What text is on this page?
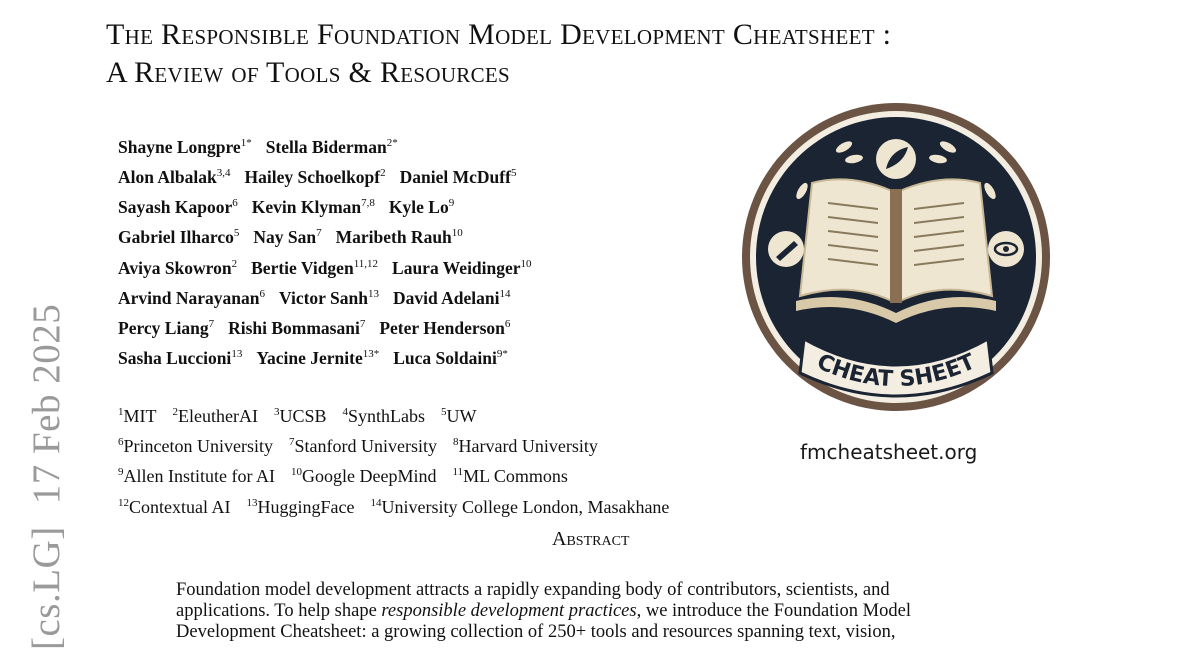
[cs.LG]17 Feb 2025
The Responsible Foundation Model Development Cheatsheet :
A Review of Tools & Resources
Shayne Longpre$^{1*}$ Stella Biderman$^{2*}$
Alon Albalak$^{3,4}$ Hailey Schoelkopf$^2$ Daniel McDuff$^5$
Sayash Kapoor$^6$ Kevin Klyman$^{7,8}$ Kyle Lo$^9$
Gabriel Ilharco$^5$ Nay San$^7$ Maribeth Rauh$^{10}$
Aviya Skowron$^2$ Bertie Vidgen$^{11,12}$ Laura Weidinger$^{10}$
Arvind Narayanan$^6$ Victor Sanh$^{13}$ David Adelani$^{14}$
Percy Liang$^7$ Rishi Bommasani$^7$ Peter Henderson$^6$
Sasha Luccioni$^{13}$ Yacine Jernite$^{13*}$ Luca Soldaini$^{9*}$
$^1$MIT $^2$EleutherAI $^3$UCSB $^4$SynthLabs $^5$UW
$^6$Princeton University $^7$Stanford University $^8$Harvard University
$^9$Allen Institute for AI $^{10}$Google DeepMind $^{11}$ML Commons
$^{12}$Contextual AI $^{13}$HuggingFace $^{14}$University College London, Masakhane
CHEAT SHEET
fmcheatsheet.org
Abstract
Foundation model development attracts a rapidly expanding body of contributors, scientists, and
applications. To help shape responsible development practices, we introduce the Foundation Model
Development Cheatsheet: a growing collection of 250+ tools and resources spanning text, vision,
